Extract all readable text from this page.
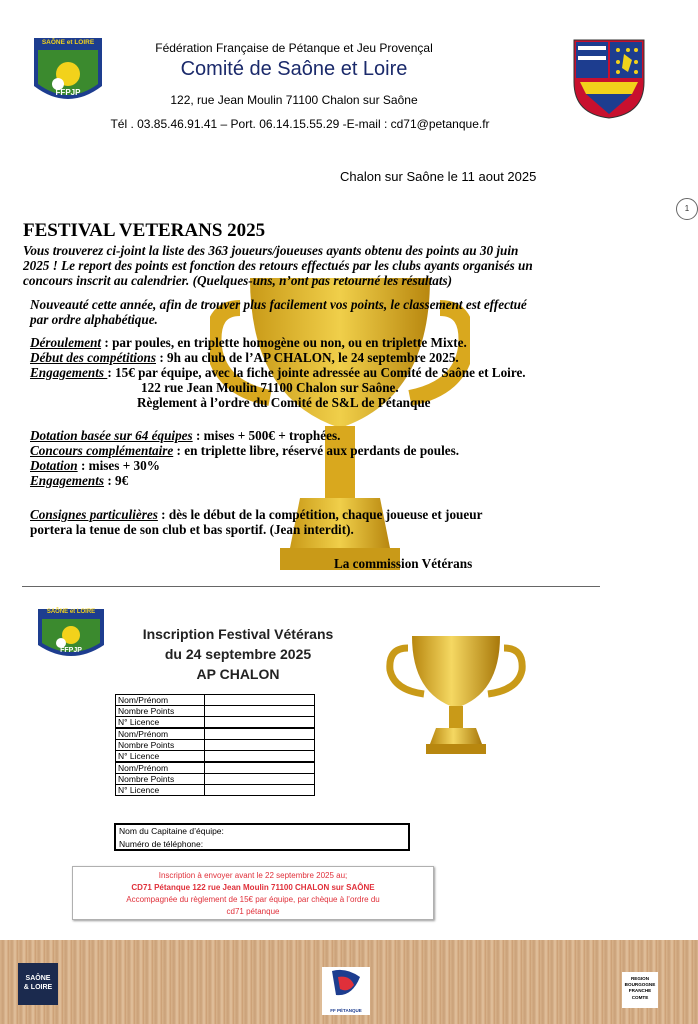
SAÔNE et LOIRE
FFPJP
Fédération Française de Pétanque et Jeu Provençal
Comité de Saône et Loire
122, rue Jean Moulin 71100 Chalon sur Saône
Tél . 03.85.46.91.41 – Port. 06.14.15.55.29 -E-mail : cd71@petanque.fr
Chalon sur Saône le 11 aout 2025
1
FESTIVAL VETERANS 2025
Vous trouverez ci-joint la liste des 363 joueurs/joueuses ayants obtenu des points au 30 juin
2025 ! Le report des points est fonction des retours effectués par les clubs ayants organisés un
concours inscrit au calendrier. (Quelques-uns, n’ont pas retourné les résultats)
Nouveauté cette année, afin de trouver plus facilement vos points, le classement est effectué
par ordre alphabétique.
Déroulement : par poules, en triplette homogène ou non, ou en triplette Mixte.
Début des compétitions : 9h au club de l’AP CHALON, le 24 septembre 2025.
Engagements : 15€ par équipe, avec la fiche jointe adressée au Comité de Saône et Loire.
122 rue Jean Moulin 71100 Chalon sur Saône.
Règlement à l’ordre du Comité de S&L de Pétanque
Dotation basée sur 64 équipes : mises + 500€ + trophées.
Concours complémentaire : en triplette libre, réservé aux perdants de poules.
Dotation : mises + 30%
Engagements : 9€
Consignes particulières : dès le début de la compétition, chaque joueuse et joueur
portera la tenue de son club et bas sportif. (Jean interdit).
La commission Vétérans
SAÔNE et LOIRE
FFPJP
Inscription Festival Vétérans
du 24 septembre 2025
AP CHALON
Nom/Prénom	
Nombre Points	
N° Licence	
Nom/Prénom	
Nombre Points	
N° Licence	
Nom/Prénom	
Nombre Points	
N° Licence	
Nom du Capitaine d’équipe:
Numéro de téléphone:
Inscription à envoyer avant le 22 septembre 2025 au;
CD71 Pétanque 122 rue Jean Moulin 71100 CHALON sur SAÔNE
Accompagnée du règlement de 15€ par équipe, par chèque à l’ordre du
cd71 pétanque
SAÔNE
& LOIRE
FF PÉTANQUE
REGION
BOURGOGNE
FRANCHE
COMTE
